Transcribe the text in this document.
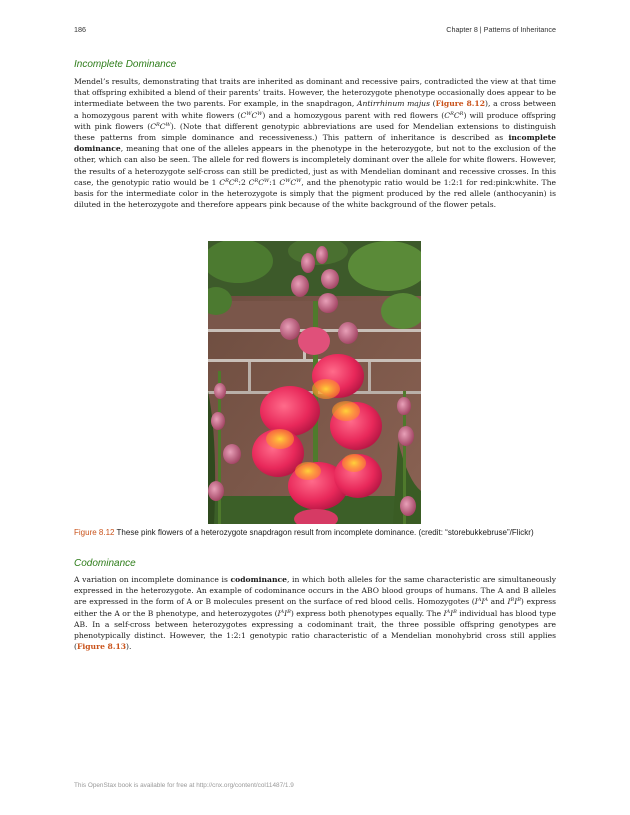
186	Chapter 8 | Patterns of Inheritance
Incomplete Dominance

Mendel’s results, demonstrating that traits are inherited as dominant and recessive pairs, contradicted the view at that time that offspring exhibited a blend of their parents’ traits. However, the heterozygote phenotype occasionally does appear to be intermediate between the two parents. For example, in the snapdragon, Antirrhinum majus (Figure 8.12), a cross between a homozygous parent with white flowers $(C^WC^W)$ and a homozygous parent with red flowers $(C^RC^R)$ will produce offspring with pink flowers $(C^RC^W)$. (Note that different genotypic abbreviations are used for Mendelian extensions to distinguish these patterns from simple dominance and recessiveness.) This pattern of inheritance is described as incomplete dominance, meaning that one of the alleles appears in the phenotype in the heterozygote, but not to the exclusion of the other, which can also be seen. The allele for red flowers is incompletely dominant over the allele for white flowers. However, the results of a heterozygote self-cross can still be predicted, just as with Mendelian dominant and recessive crosses. In this case, the genotypic ratio would be 1 $C^RC^R:2$ $C^RC^W:1$ $C^WC^W$, and the phenotypic ratio would be 1:2:1 for red:pink:white. The basis for the intermediate color in the heterozygote is simply that the pigment produced by the red allele (anthocyanin) is diluted in the heterozygote and therefore appears pink because of the white background of the flower petals.

Figure 8.12 These pink flowers of a heterozygote snapdragon result from incomplete dominance. (credit: “storebukkebruse”/Flickr)
Codominance

A variation on incomplete dominance is codominance, in which both alleles for the same characteristic are simultaneously expressed in the heterozygote. An example of codominance occurs in the ABO blood groups of humans. The A and B alleles are expressed in the form of A or B molecules present on the surface of red blood cells. Homozygotes ($I^AI^A$ and $I^BI^B$) express either the A or the B phenotype, and heterozygotes $(I^AI^B)$ express both phenotypes equally. The $I^AI^B$ individual has blood type AB. In a self-cross between heterozygotes expressing a codominant trait, the three possible offspring genotypes are phenotypically distinct. However, the 1:2:1 genotypic ratio characteristic of a Mendelian monohybrid cross still applies (Figure 8.13).

This OpenStax book is available for free at http://cnx.org/content/col11487/1.9
